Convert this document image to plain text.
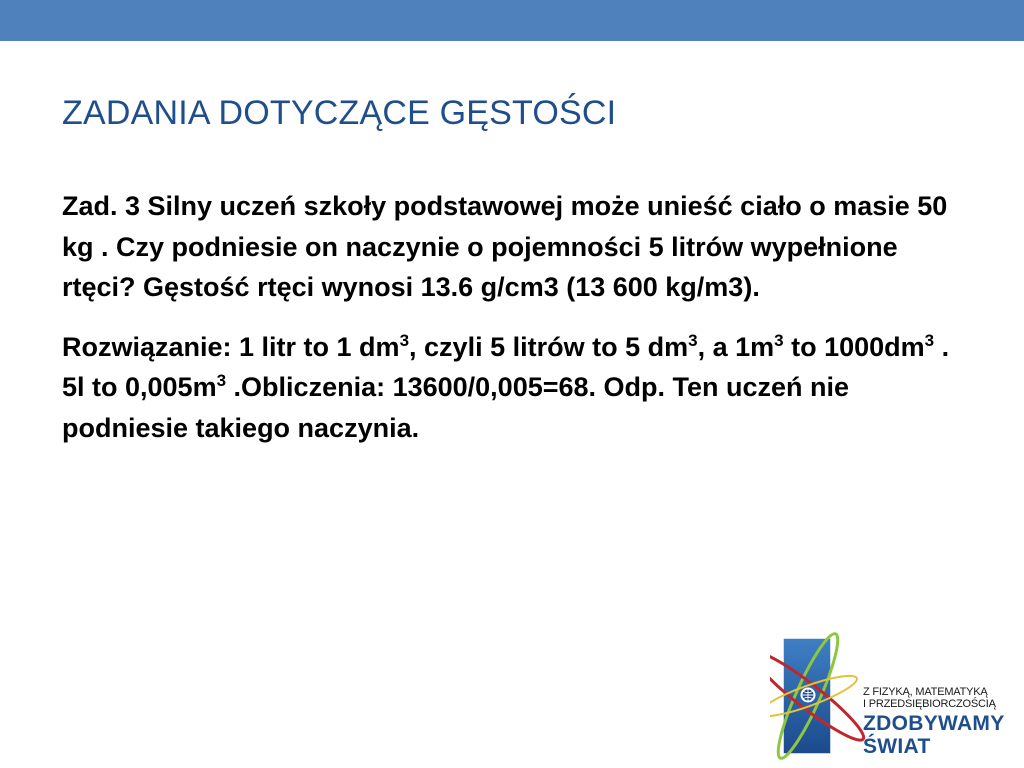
ZADANIA DOTYCZĄCE GĘSTOŚCI

Zad. 3 Silny uczeń szkoły podstawowej może unieść ciało o masie 50 kg . Czy podniesie on naczynie o pojemności 5 litrów wypełnione rtęci? Gęstość rtęci wynosi 13.6 g/cm3 (13 600 kg/m3).

Rozwiązanie: 1 litr to 1 $dm^3$, czyli 5 litrów to 5 $dm^3$, a $1m^3$ to $1000dm^3$ . 5l to $0,005m^3$ .Obliczenia: 13600/0,005=68. Odp. Ten uczeń nie podniesie takiego naczynia.

Z FIZYKĄ, MATEMATYKĄ
I PRZEDSIĘBIORCZOŚCIĄ
ZDOBYWAMY
ŚWIAT
